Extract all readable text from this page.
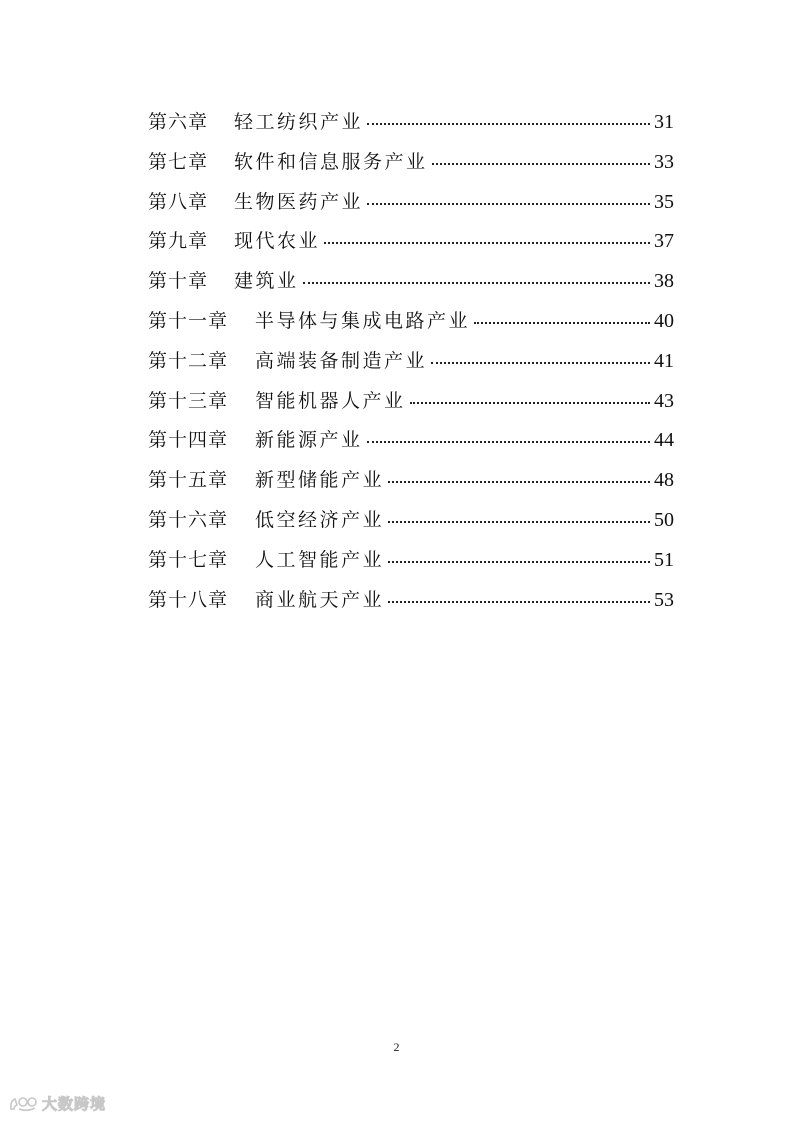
第六章	轻工纺织产业	31
第七章	软件和信息服务产业	33
第八章	生物医药产业	35
第九章	现代农业	37
第十章	建筑业	38
第十一章	半导体与集成电路产业	40
第十二章	高端装备制造产业	41
第十三章	智能机器人产业	43
第十四章	新能源产业	44
第十五章	新型储能产业	48
第十六章	低空经济产业	50
第十七章	人工智能产业	51
第十八章	商业航天产业	53
2
大数跨境
